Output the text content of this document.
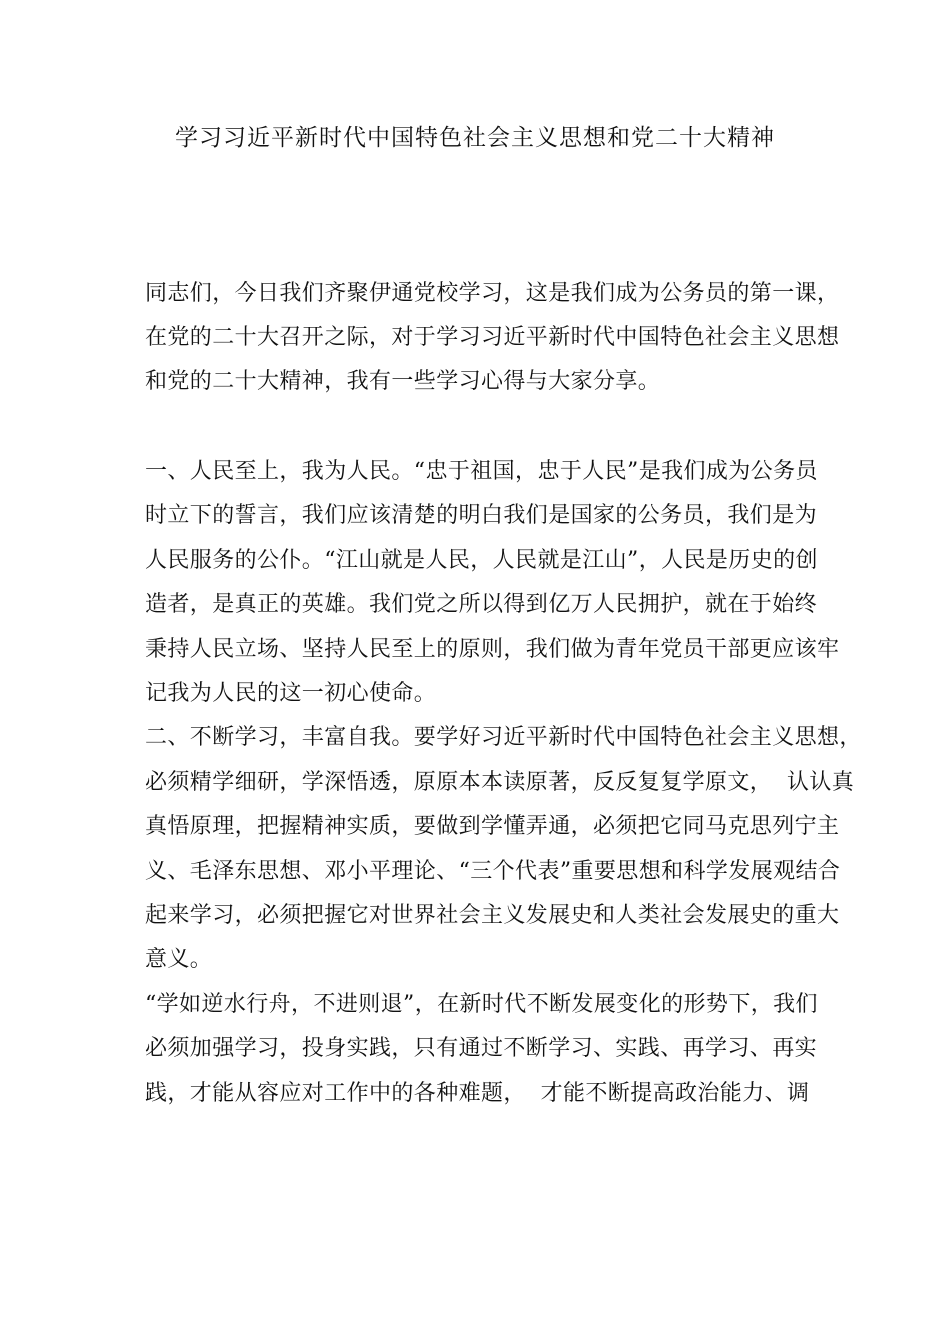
学习习近平新时代中国特色社会主义思想和党二十大精神
同志们，今日我们齐聚伊通党校学习，这是我们成为公务员的第一课，
在党的二十大召开之际，对于学习习近平新时代中国特色社会主义思想
和党的二十大精神，我有一些学习心得与大家分享。
一、人民至上，我为人民。“忠于祖国，忠于人民”是我们成为公务员
时立下的誓言，我们应该清楚的明白我们是国家的公务员，我们是为
人民服务的公仆。“江山就是人民，人民就是江山”，人民是历史的创
造者，是真正的英雄。我们党之所以得到亿万人民拥护，就在于始终
秉持人民立场、坚持人民至上的原则，我们做为青年党员干部更应该牢
记我为人民的这一初心使命。
二、不断学习，丰富自我。要学好习近平新时代中国特色社会主义思想，
必须精学细研，学深悟透，原原本本读原著，反反复复学原文，  认认真
真悟原理，把握精神实质，要做到学懂弄通，必须把它同马克思列宁主
义、毛泽东思想、邓小平理论、“三个代表”重要思想和科学发展观结合
起来学习，必须把握它对世界社会主义发展史和人类社会发展史的重大
意义。
“学如逆水行舟，不进则退”，在新时代不断发展变化的形势下，我们
必须加强学习，投身实践，只有通过不断学习、实践、再学习、再实
践，才能从容应对工作中的各种难题，  才能不断提高政治能力、调
